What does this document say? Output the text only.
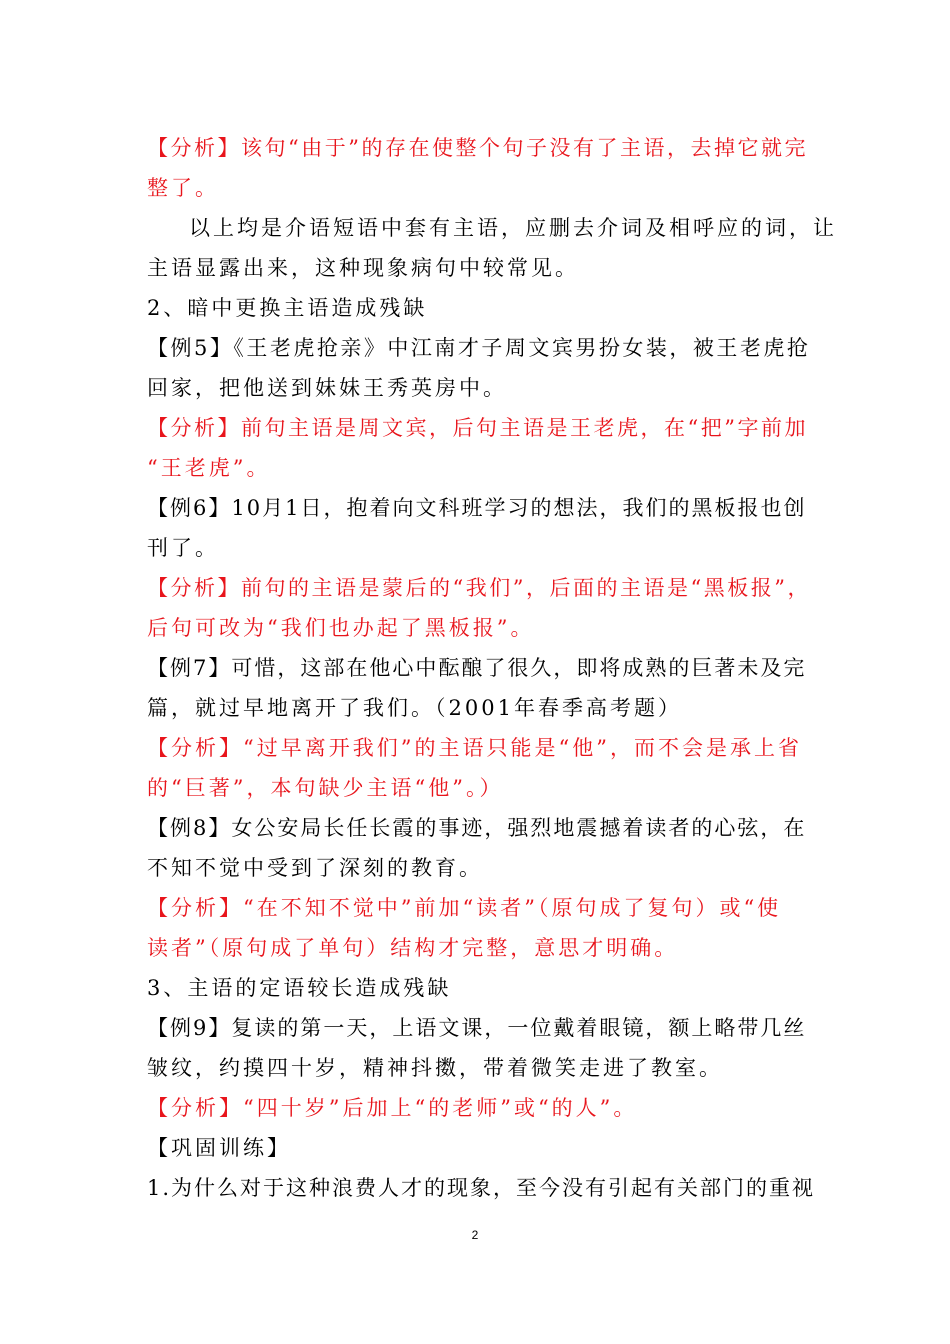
【分析】该句“由于”的存在使整个句子没有了主语，去掉它就完
整了。
以上均是介语短语中套有主语，应删去介词及相呼应的词，让
主语显露出来，这种现象病句中较常见。
2、暗中更换主语造成残缺
【例5】《王老虎抢亲》中江南才子周文宾男扮女装，被王老虎抢
回家，把他送到妹妹王秀英房中。
【分析】前句主语是周文宾，后句主语是王老虎，在“把”字前加
“王老虎”。
【例6】10月1日，抱着向文科班学习的想法，我们的黑板报也创
刊了。
【分析】前句的主语是蒙后的“我们”，后面的主语是“黑板报”，
后句可改为“我们也办起了黑板报”。
【例7】可惜，这部在他心中酝酿了很久，即将成熟的巨著未及完
篇，就过早地离开了我们。（2001年春季高考题）
【分析】“过早离开我们”的主语只能是“他”，而不会是承上省
的“巨著”，本句缺少主语“他”。）
【例8】女公安局长任长霞的事迹，强烈地震撼着读者的心弦，在
不知不觉中受到了深刻的教育。
【分析】“在不知不觉中”前加“读者”（原句成了复句）或“使
读者”（原句成了单句）结构才完整，意思才明确。
3、主语的定语较长造成残缺
【例9】复读的第一天，上语文课，一位戴着眼镜，额上略带几丝
皱纹，约摸四十岁，精神抖擞，带着微笑走进了教室。
【分析】“四十岁”后加上“的老师”或“的人”。
【巩固训练】
1.为什么对于这种浪费人才的现象，至今没有引起有关部门的重视
2
